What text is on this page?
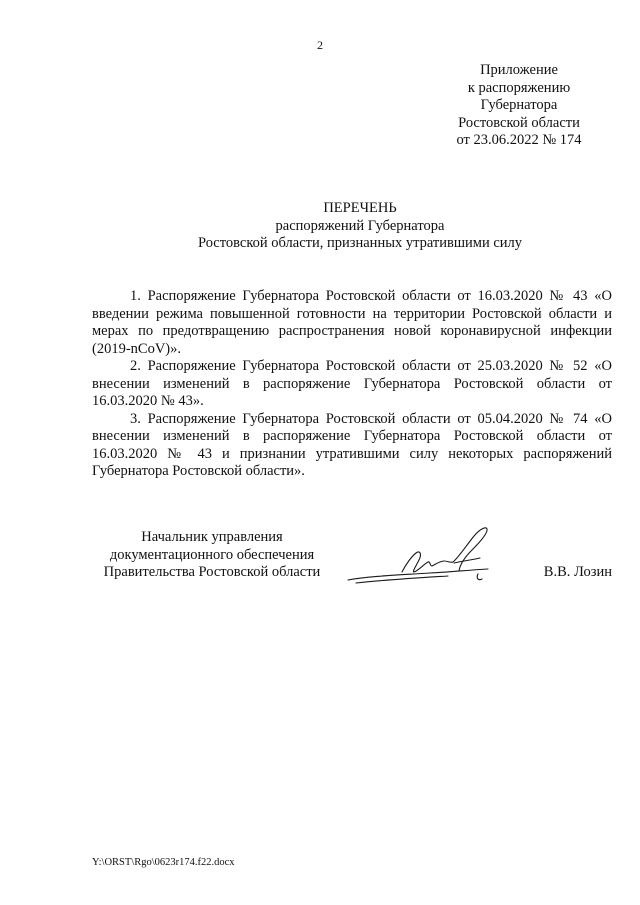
2
Приложение
к распоряжению
Губернатора
Ростовской области
от 23.06.2022 № 174
ПЕРЕЧЕНЬ
распоряжений Губернатора
Ростовской области, признанных утратившими силу

1. Распоряжение Губернатора Ростовской области от 16.03.2020 № 43 «О введении режима повышенной готовности на территории Ростовской области и мерах по предотвращению распространения новой коронавирусной инфекции (2019-nCoV)».

2. Распоряжение Губернатора Ростовской области от 25.03.2020 № 52 «О внесении изменений в распоряжение Губернатора Ростовской области от 16.03.2020 № 43».

3. Распоряжение Губернатора Ростовской области от 05.04.2020 № 74 «О внесении изменений в распоряжение Губернатора Ростовской области от 16.03.2020 № 43 и признании утратившими силу некоторых распоряжений Губернатора Ростовской области».

Начальник управления
документационного обеспечения
Правительства Ростовской области	В.В. Лозин
Y:\ORST\Rgo\0623r174.f22.docx
